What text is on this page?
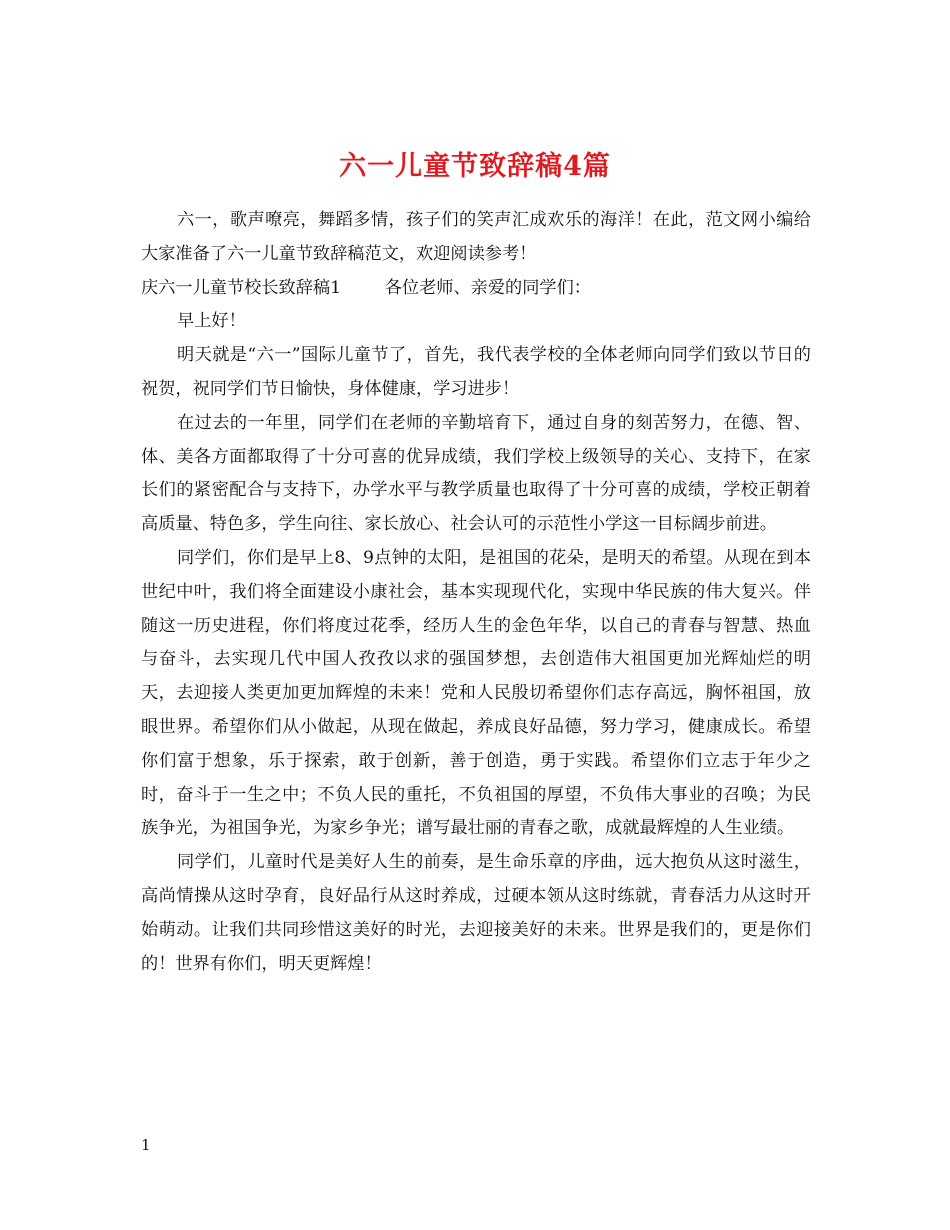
六一儿童节致辞稿4篇

六一，歌声嘹亮，舞蹈多情，孩子们的笑声汇成欢乐的海洋！在此，范文网小编给大家准备了六一儿童节致辞稿范文，欢迎阅读参考！

庆六一儿童节校长致辞稿1	各位老师、亲爱的同学们：

早上好！

明天就是“六一”国际儿童节了，首先，我代表学校的全体老师向同学们致以节日的祝贺，祝同学们节日愉快，身体健康，学习进步！

在过去的一年里，同学们在老师的辛勤培育下，通过自身的刻苦努力，在德、智、体、美各方面都取得了十分可喜的优异成绩，我们学校上级领导的关心、支持下，在家长们的紧密配合与支持下，办学水平与教学质量也取得了十分可喜的成绩，学校正朝着高质量、特色多，学生向往、家长放心、社会认可的示范性小学这一目标阔步前进。

同学们，你们是早上8、9点钟的太阳，是祖国的花朵，是明天的希望。从现在到本世纪中叶，我们将全面建设小康社会，基本实现现代化，实现中华民族的伟大复兴。伴随这一历史进程，你们将度过花季，经历人生的金色年华，以自己的青春与智慧、热血与奋斗，去实现几代中国人孜孜以求的强国梦想，去创造伟大祖国更加光辉灿烂的明天，去迎接人类更加更加辉煌的未来！党和人民殷切希望你们志存高远，胸怀祖国，放眼世界。希望你们从小做起，从现在做起，养成良好品德，努力学习，健康成长。希望你们富于想象，乐于探索，敢于创新，善于创造，勇于实践。希望你们立志于年少之时，奋斗于一生之中；不负人民的重托，不负祖国的厚望，不负伟大事业的召唤；为民族争光，为祖国争光，为家乡争光；谱写最壮丽的青春之歌，成就最辉煌的人生业绩。

同学们，儿童时代是美好人生的前奏，是生命乐章的序曲，远大抱负从这时滋生，高尚情操从这时孕育，良好品行从这时养成，过硬本领从这时练就，青春活力从这时开始萌动。让我们共同珍惜这美好的时光，去迎接美好的未来。世界是我们的，更是你们的！世界有你们，明天更辉煌！

1
